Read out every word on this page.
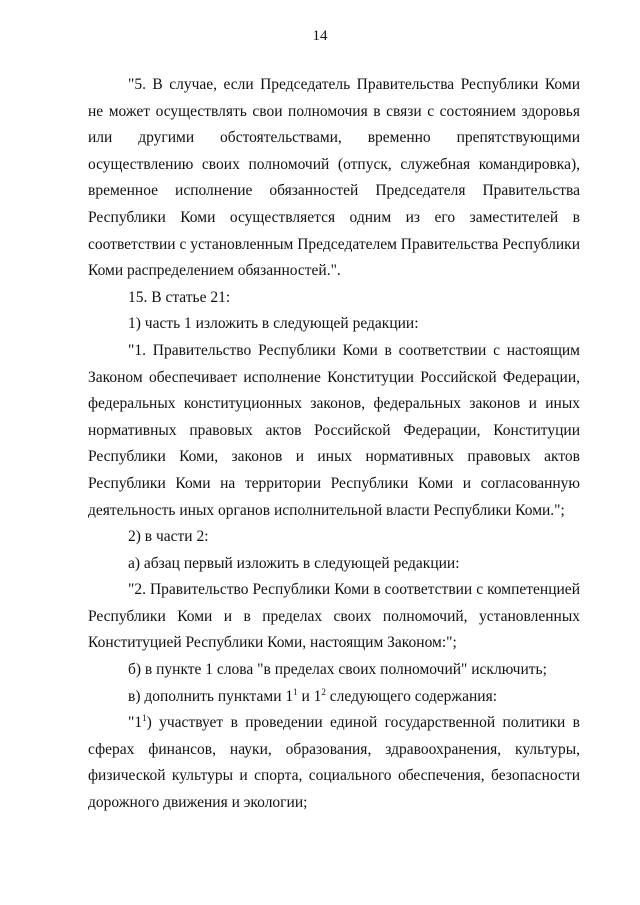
14

"5. В случае, если Председатель Правительства Республики Коми не может осуществлять свои полномочия в связи с состоянием здоровья или другими обстоятельствами, временно препятствующими осуществлению своих полномочий (отпуск, служебная командировка), временное исполнение обязанностей Председателя Правительства Республики Коми осуществляется одним из его заместителей в соответствии с установленным Председателем Правительства Республики Коми распределением обязанностей.".

15. В статье 21:

1) часть 1 изложить в следующей редакции:

"1. Правительство Республики Коми в соответствии с настоящим Законом обеспечивает исполнение Конституции Российской Федерации, федеральных конституционных законов, федеральных законов и иных нормативных правовых актов Российской Федерации, Конституции Республики Коми, законов и иных нормативных правовых актов Республики Коми на территории Республики Коми и согласованную деятельность иных органов исполнительной власти Республики Коми.";

2) в части 2:

а) абзац первый изложить в следующей редакции:

"2. Правительство Республики Коми в соответствии с компетенцией Республики Коми и в пределах своих полномочий, установленных Конституцией Республики Коми, настоящим Законом:";

б) в пункте 1 слова "в пределах своих полномочий" исключить;

в) дополнить пунктами $1^1$ и $1^2$ следующего содержания:

"$1^1$) участвует в проведении единой государственной политики в сферах финансов, науки, образования, здравоохранения, культуры, физической культуры и спорта, социального обеспечения, безопасности дорожного движения и экологии;
